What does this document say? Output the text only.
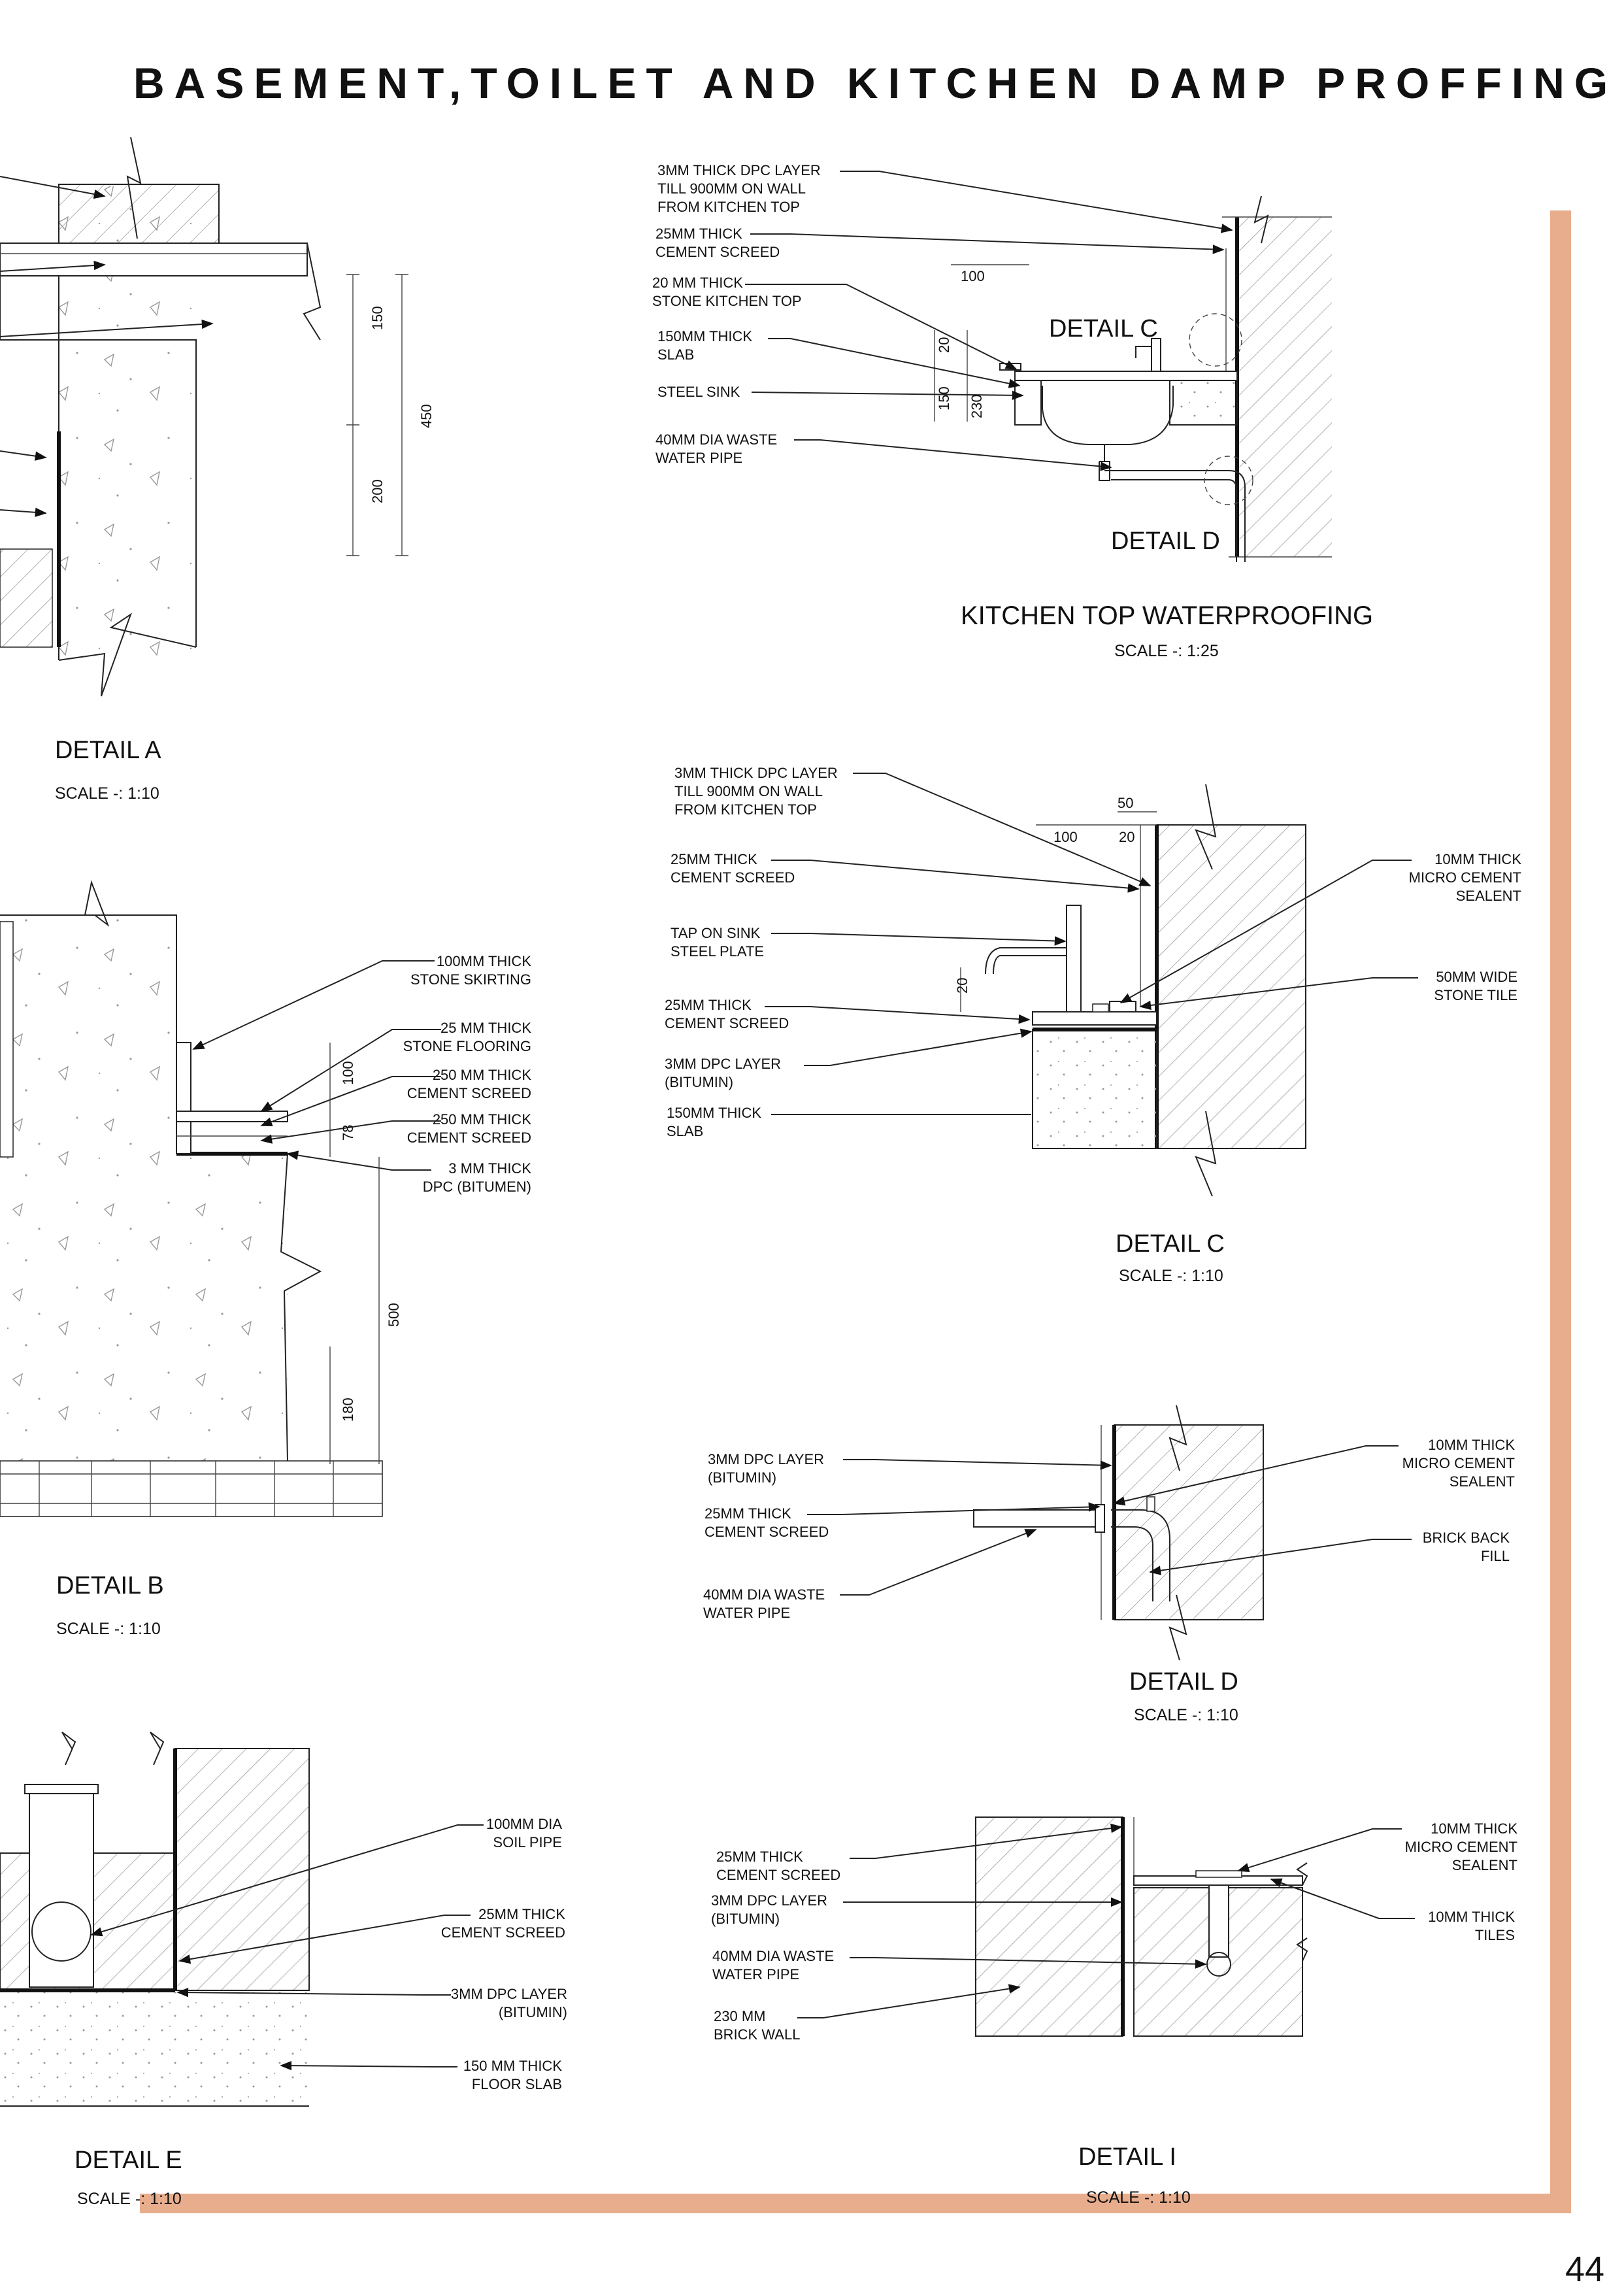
BASEMENT,TOILET AND KITCHEN DAMP PROFFING
44
150
450
200
DETAIL A
SCALE -: 1:10
DETAIL C
DETAIL D
100
20
150 230
3MM THICK DPC LAYER TILL 900MM ON WALL FROM KITCHEN TOP
25MM THICK CEMENT SCREED
20 MM THICK STONE KITCHEN TOP
150MM THICK SLAB
STEEL SINK
40MM DIA WASTE WATER PIPE
KITCHEN TOP WATERPROOFING
SCALE -: 1:25
100MM THICK STONE SKIRTING
25 MM THICK STONE FLOORING
250 MM THICK CEMENT SCREED
250 MM THICK CEMENT SCREED
3 MM THICK DPC (BITUMEN)
100
78
500
180
DETAIL B
SCALE -: 1:10
50
100	20
20
3MM THICK DPC LAYER TILL 900MM ON WALL FROM KITCHEN TOP
25MM THICK CEMENT SCREED
TAP ON SINK STEEL PLATE
25MM THICK CEMENT SCREED
3MM DPC LAYER (BITUMIN)
150MM THICK SLAB
10MM THICK MICRO CEMENT SEALENT
50MM WIDE STONE TILE
DETAIL C
SCALE -: 1:10
3MM DPC LAYER (BITUMIN)
25MM THICK CEMENT SCREED
40MM DIA WASTE WATER PIPE
10MM THICK MICRO CEMENT SEALENT
BRICK BACK FILL
DETAIL D
SCALE -: 1:10
100MM DIA SOIL PIPE
25MM THICK CEMENT SCREED
3MM DPC LAYER (BITUMIN)
150 MM THICK FLOOR SLAB
DETAIL E
SCALE -: 1:10
25MM THICK CEMENT SCREED
3MM DPC LAYER (BITUMIN)
40MM DIA WASTE WATER PIPE
230 MM BRICK WALL
10MM THICK MICRO CEMENT SEALENT
10MM THICK TILES
DETAIL I
SCALE -: 1:10
